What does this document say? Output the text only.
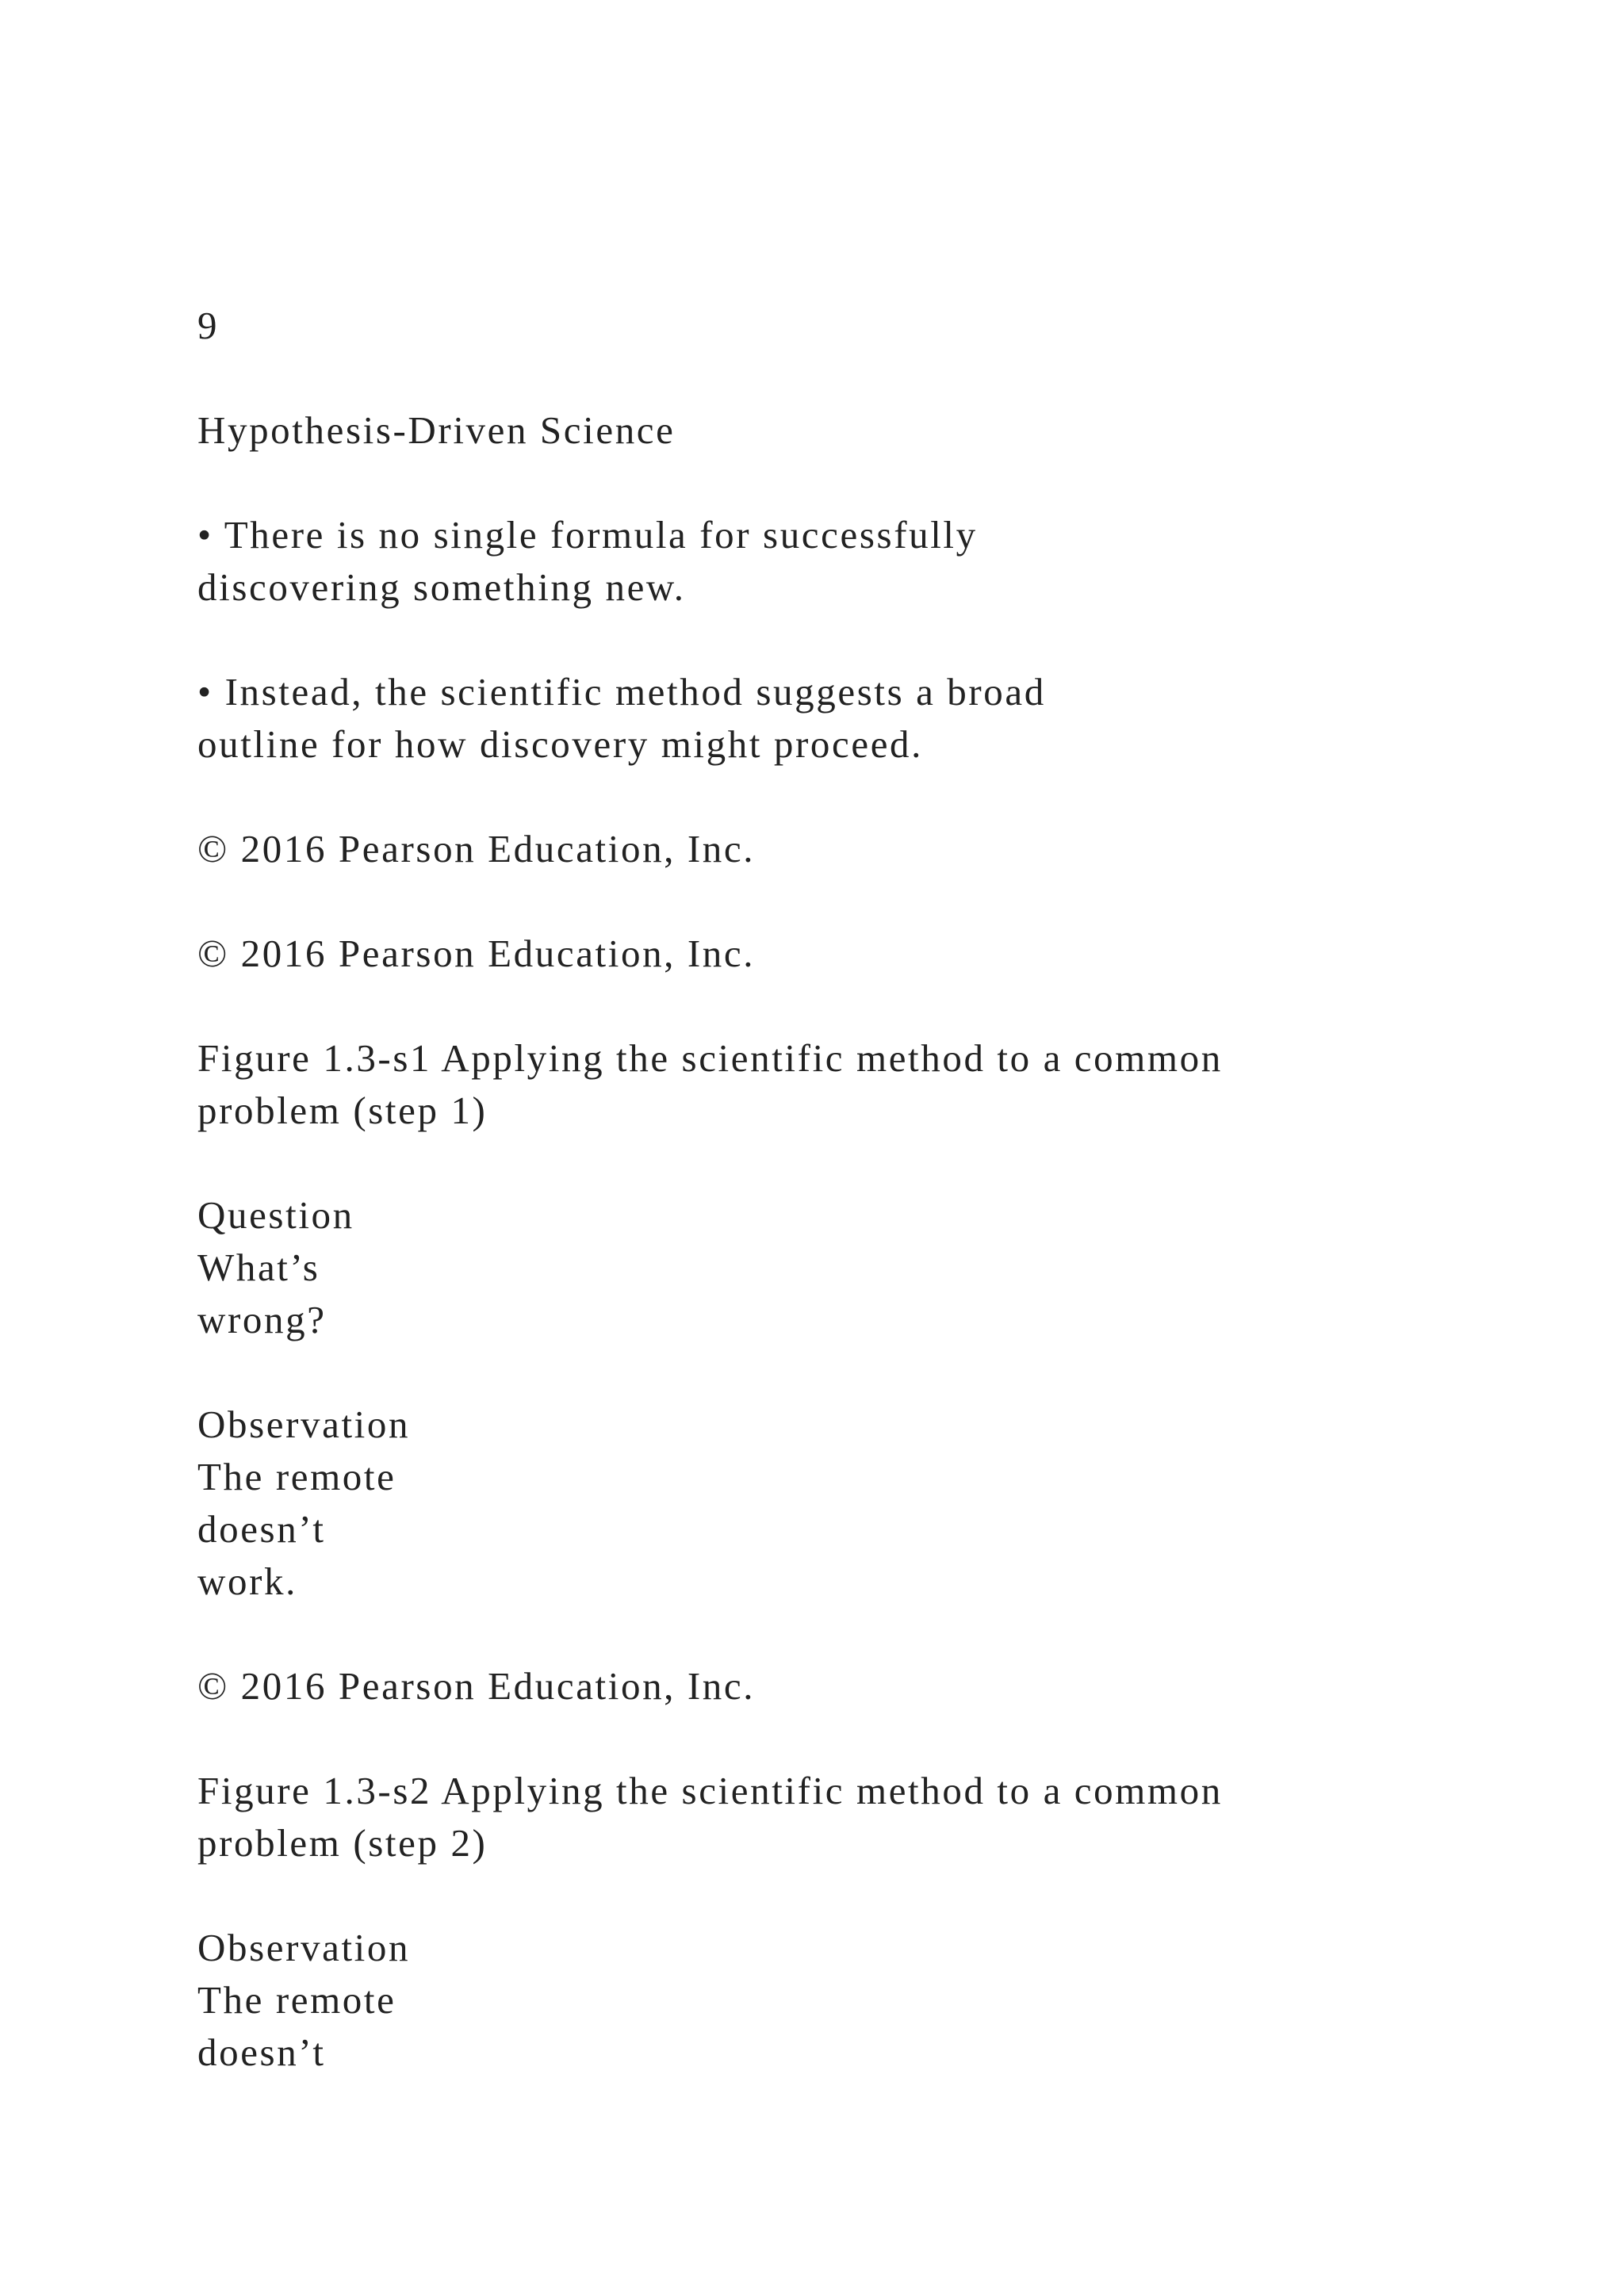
9

Hypothesis-Driven Science

• There is no single formula for successfully

discovering something new.

• Instead, the scientific method suggests a broad

outline for how discovery might proceed.

© 2016 Pearson Education, Inc.

© 2016 Pearson Education, Inc.

Figure 1.3-s1 Applying the scientific method to a common

problem (step 1)

Question

What’s

wrong?

Observation

The remote

doesn’t

work.

© 2016 Pearson Education, Inc.

Figure 1.3-s2 Applying the scientific method to a common

problem (step 2)

Observation

The remote

doesn’t
